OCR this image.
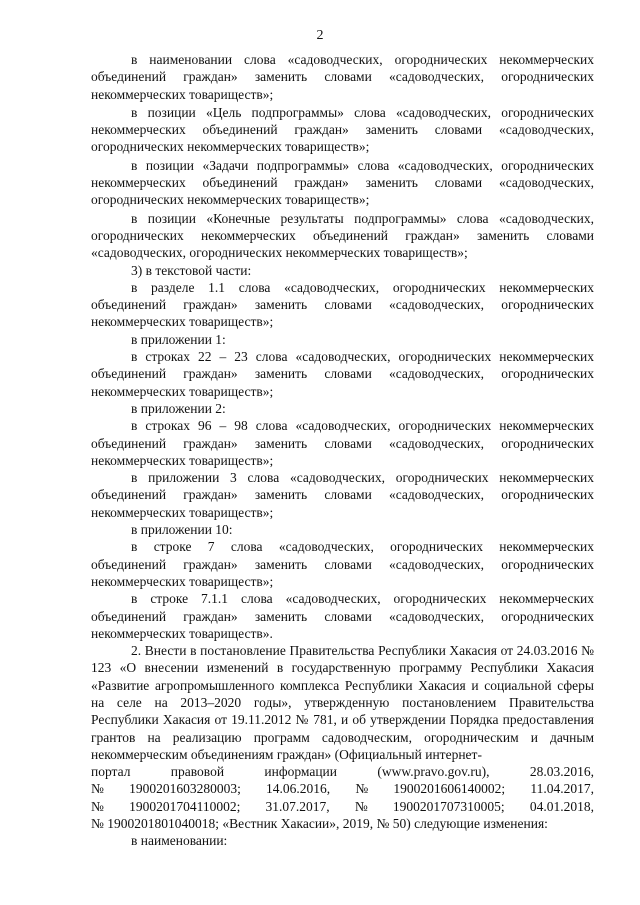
2

в наименовании слова «садоводческих, огороднических некоммерческих объединений граждан» заменить словами «садоводческих, огороднических некоммерческих товариществ»;

в позиции «Цель подпрограммы» слова «садоводческих, огороднических некоммерческих объединений граждан» заменить словами «садоводческих, огороднических некоммерческих товариществ»;

в позиции «Задачи подпрограммы» слова «садоводческих, огороднических некоммерческих объединений граждан» заменить словами «садоводческих, огороднических некоммерческих товариществ»;

в позиции «Конечные результаты подпрограммы» слова «садоводческих, огороднических некоммерческих объединений граждан» заменить словами «садоводческих, огороднических некоммерческих товариществ»;

3) в текстовой части:

в разделе 1.1 слова «садоводческих, огороднических некоммерческих объединений граждан» заменить словами «садоводческих, огороднических некоммерческих товариществ»;

в приложении 1:

в строках 22 – 23 слова «садоводческих, огороднических некоммерческих объединений граждан» заменить словами «садоводческих, огороднических некоммерческих товариществ»;

в приложении 2:

в строках 96 – 98 слова «садоводческих, огороднических некоммерческих объединений граждан» заменить словами «садоводческих, огороднических некоммерческих товариществ»;

в приложении 3 слова «садоводческих, огороднических некоммерческих объединений граждан» заменить словами «садоводческих, огороднических некоммерческих товариществ»;

в приложении 10:

в строке 7 слова «садоводческих, огороднических некоммерческих объединений граждан» заменить словами «садоводческих, огороднических некоммерческих товариществ»;

в строке 7.1.1 слова «садоводческих, огороднических некоммерческих объединений граждан» заменить словами «садоводческих, огороднических некоммерческих товариществ».

2. Внести в постановление Правительства Республики Хакасия от 24.03.2016 № 123 «О внесении изменений в государственную программу Республики Хакасия «Развитие агропромышленного комплекса Республики Хакасия и социальной сферы на селе на 2013–2020 годы», утвержденную постановлением Правительства Республики Хакасия от 19.11.2012 № 781, и об утверждении Порядка предоставления грантов на реализацию программ садоводческим, огородническим и дачным некоммерческим объединениям граждан» (Официальный интернет-

портал	правовой	информации	(www.pravo.gov.ru),	28.03.2016,
№ 1900201603280003; 14.06.2016, № 1900201606140002; 11.04.2017,
№ 1900201704110002; 31.07.2017, № 1900201707310005; 04.01.2018,

№ 1900201801040018; «Вестник Хакасии», 2019, № 50) следующие изменения:

в наименовании:
